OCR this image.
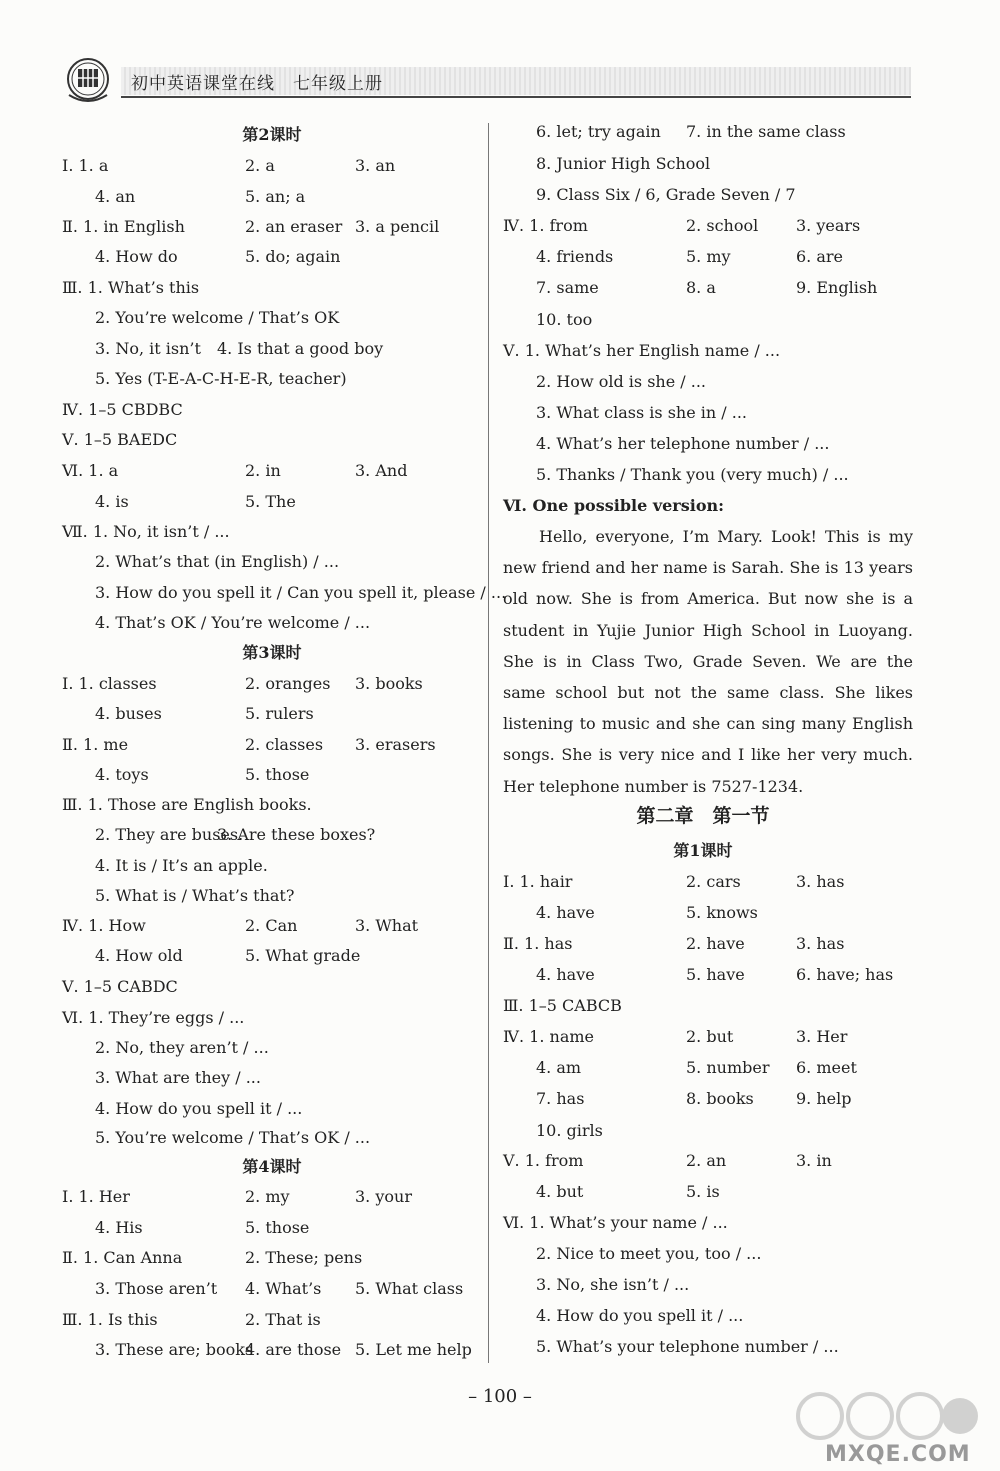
初中英语课堂在线　七年级上册
第2课时
Ⅰ. 1. a	2. a	3. an
4. an	5. an; a
Ⅱ. 1. in English	2. an eraser 3. a pencil
4. How do	5. do; again
Ⅲ. 1. What’s this
2. You’re welcome / That’s OK
3. No, it isn’t 4. Is that a good boy
5. Yes (T-E-A-C-H-E-R, teacher)
Ⅳ. 1–5 CBDBC
Ⅴ. 1–5 BAEDC
Ⅵ. 1. a	2. in	3. And
4. is	5. The
Ⅶ. 1. No, it isn’t / ...
2. What’s that (in English) / ...
3. How do you spell it / Can you spell it, please / ...
4. That’s OK / You’re welcome / ...
第3课时
Ⅰ. 1. classes	2. oranges 3. books
4. buses	5. rulers
Ⅱ. 1. me	2. classes 3. erasers
4. toys	5. those
Ⅲ. 1. Those are English books.
2. They are buses.
3. Are these boxes?
4. It is / It’s an apple.
5. What is / What’s that?
Ⅳ. 1. How	2. Can	3. What
4. How old	5. What grade
Ⅴ. 1–5 CABDC
Ⅵ. 1. They’re eggs / ...
2. No, they aren’t / ...
3. What are they / ...
4. How do you spell it / ...
5. You’re welcome / That’s OK / ...
第4课时
Ⅰ. 1. Her	2. my	3. your
4. His	5. those
Ⅱ. 1. Can Anna	2. These; pens
3. Those aren’t 4. What’s 5. What class
Ⅲ. 1. Is this	2. That is
3. These are; books
4. are those 5. Let me help

Hello, everyone, I’m Mary. Look! This is my new friend and her name is Sarah. She is 13 years old now. She is from America. But now she is a student in Yujie Junior High School in Luoyang. She is in Class Two, Grade Seven. We are the same school but not the same class. She likes listening to music and she can sing many English songs. She is very nice and I like her very much. Her telephone number is 7527-1234.

第二章　第一节
6. let; try again 7. in the same class
8. Junior High School
9. Class Six / 6, Grade Seven / 7
Ⅳ. 1. from	2. school 3. years
4. friends	5. my	6. are
7. same	8. a	9. English
10. too
Ⅴ. 1. What’s her English name / ...
2. How old is she / ...
3. What class is she in / ...
4. What’s her telephone number / ...
5. Thanks / Thank you (very much) / ...
Ⅵ. One possible version:
第1课时
Ⅰ. 1. hair	2. cars	3. has
4. have	5. knows
Ⅱ. 1. has	2. have	3. has
4. have	5. have	6. have; has
Ⅲ. 1–5 CABCB
Ⅳ. 1. name	2. but	3. Her
4. am	5. number 6. meet
7. has	8. books	9. help
10. girls
Ⅴ. 1. from	2. an	3. in
4. but	5. is
Ⅵ. 1. What’s your name / ...
2. Nice to meet you, too / ...
3. No, she isn’t / ...
4. How do you spell it / ...
5. What’s your telephone number / ...
– 100 –
MXQE.COM
